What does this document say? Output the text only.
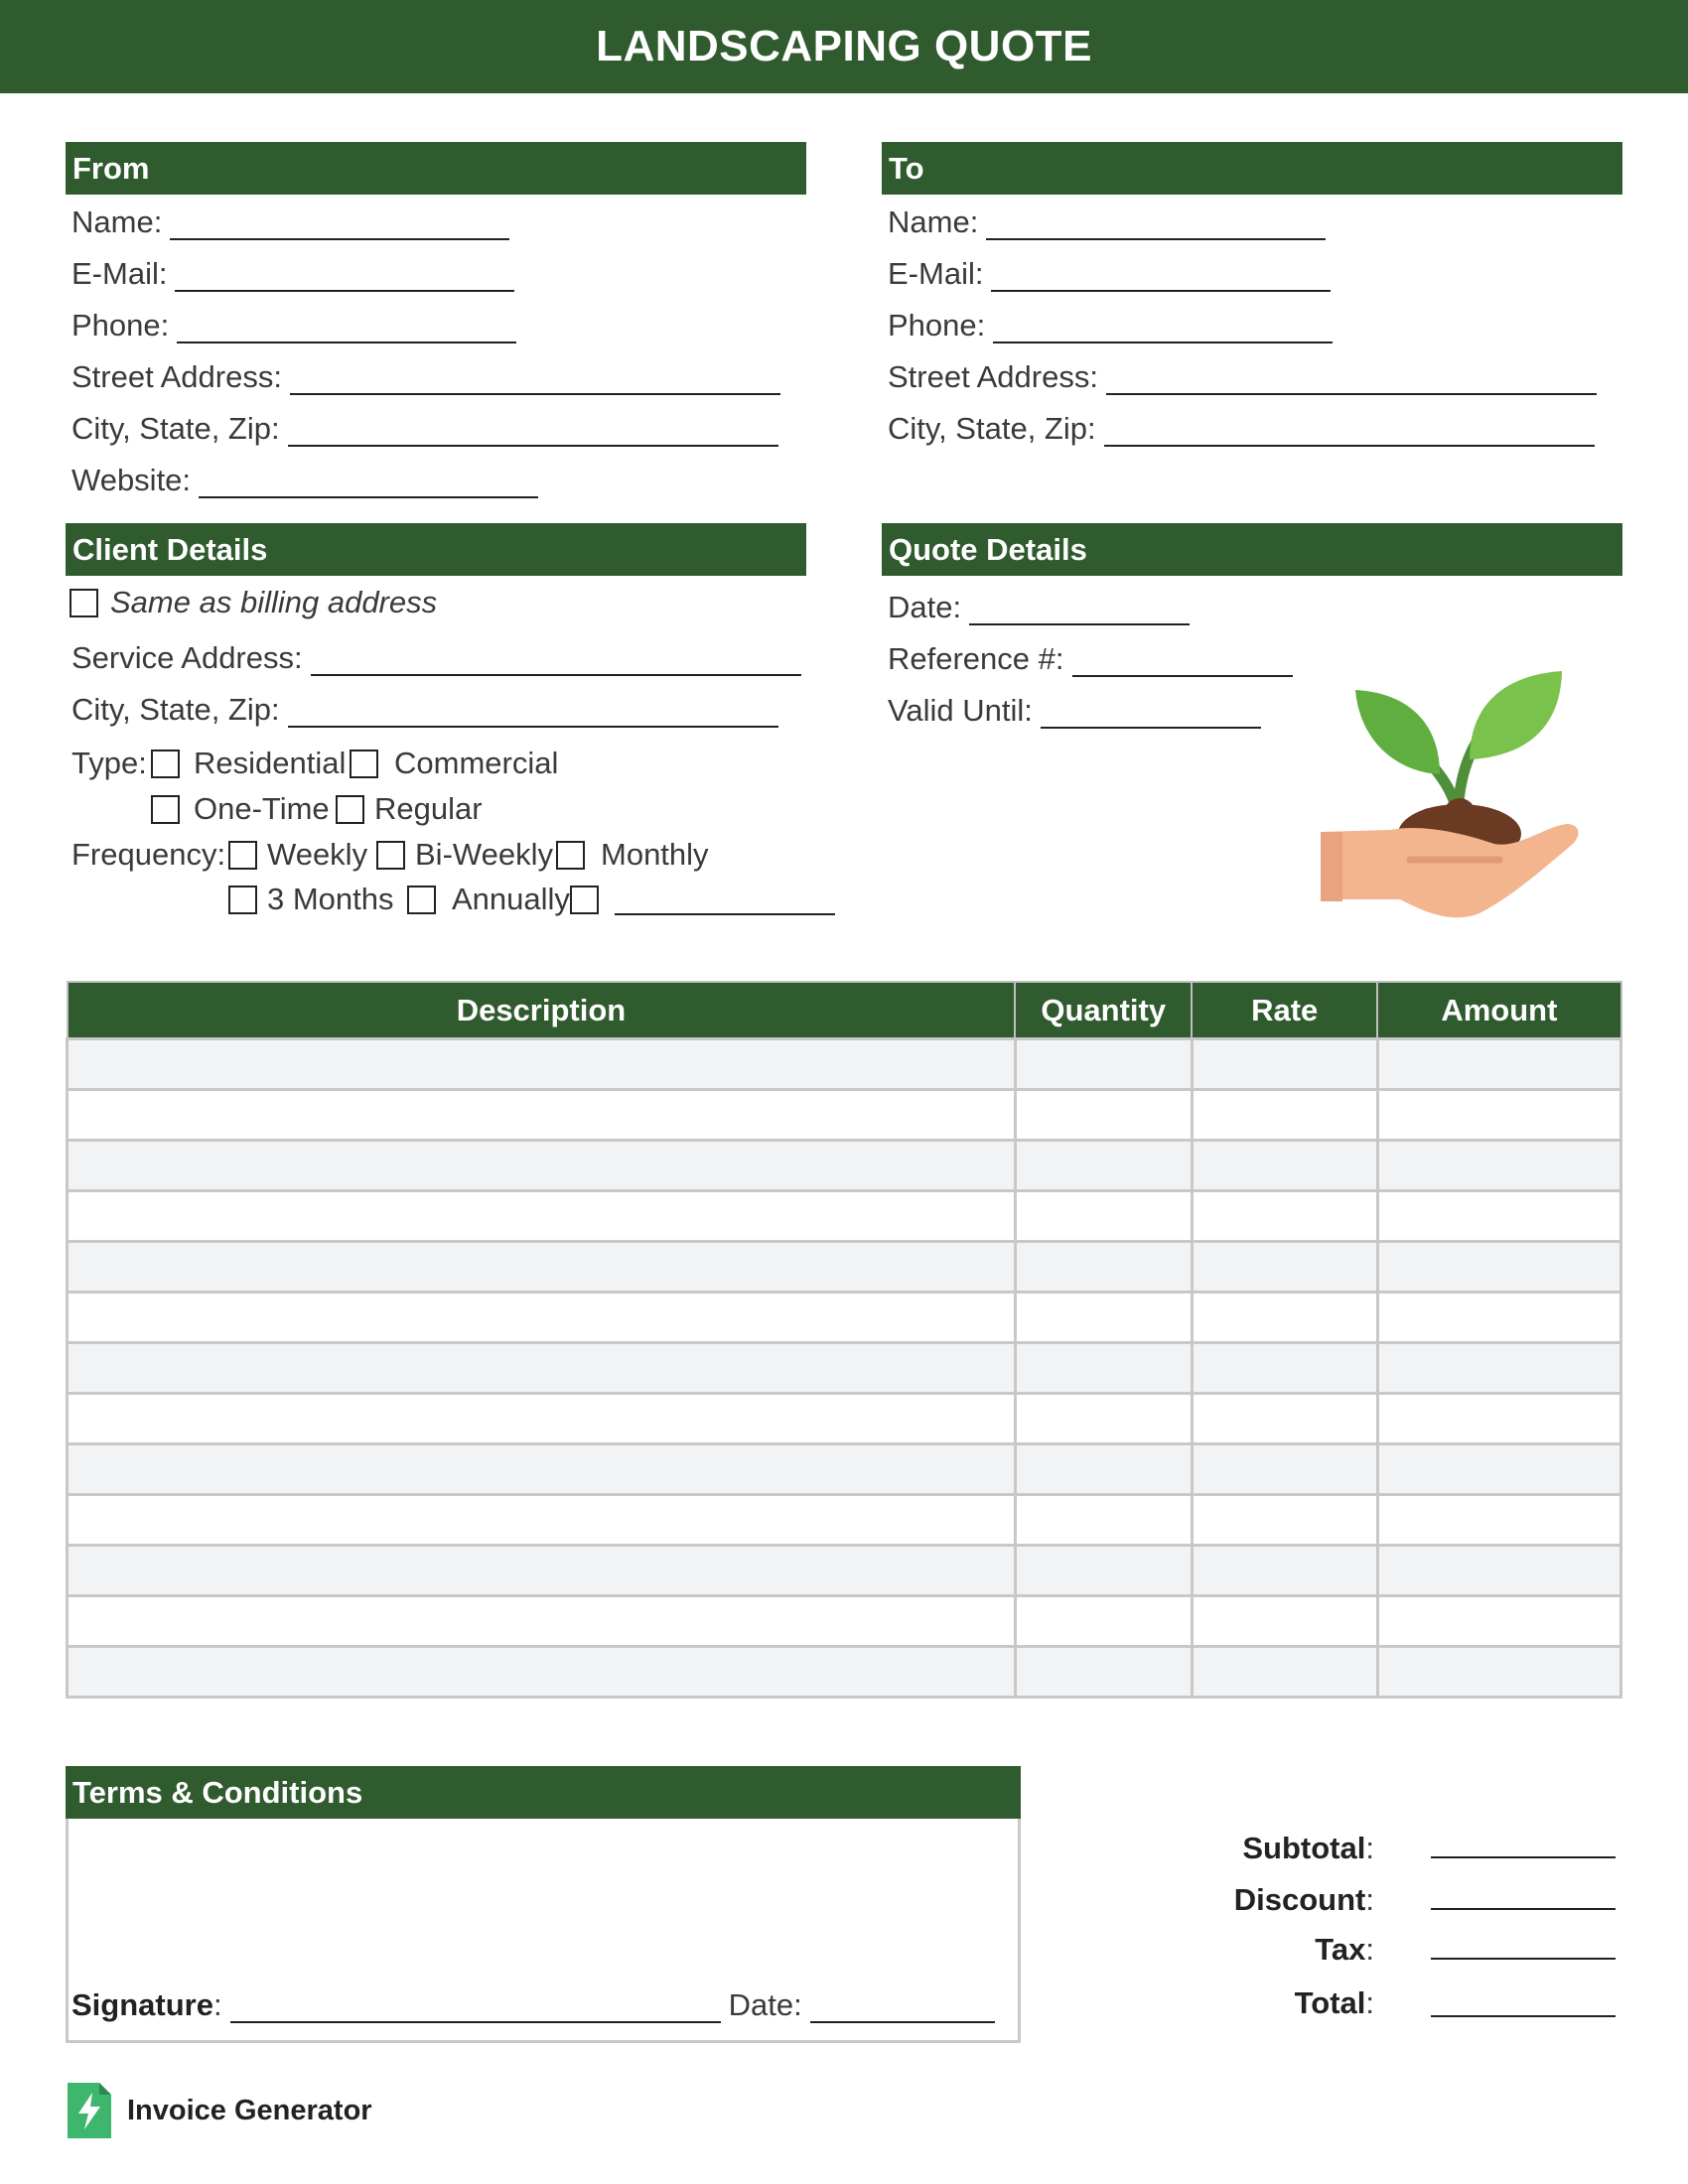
LANDSCAPING QUOTE
From
Name:
E-Mail:
Phone:
Street Address:
City, State, Zip:
Website:
To
Name:
E-Mail:
Phone:
Street Address:
City, State, Zip:
Client Details
Same as billing address
Service Address:
City, State, Zip:
Type: Residential Commercial
One-Time Regular
Frequency: Weekly Bi-Weekly Monthly
3 Months Annually
Quote Details
Date:
Reference #:
Valid Until:
Description	Quantity	Rate	Amount

Terms & Conditions
Signature :	Date:
Subtotal:
Discount:
Tax:
Total:
Invoice Generator
